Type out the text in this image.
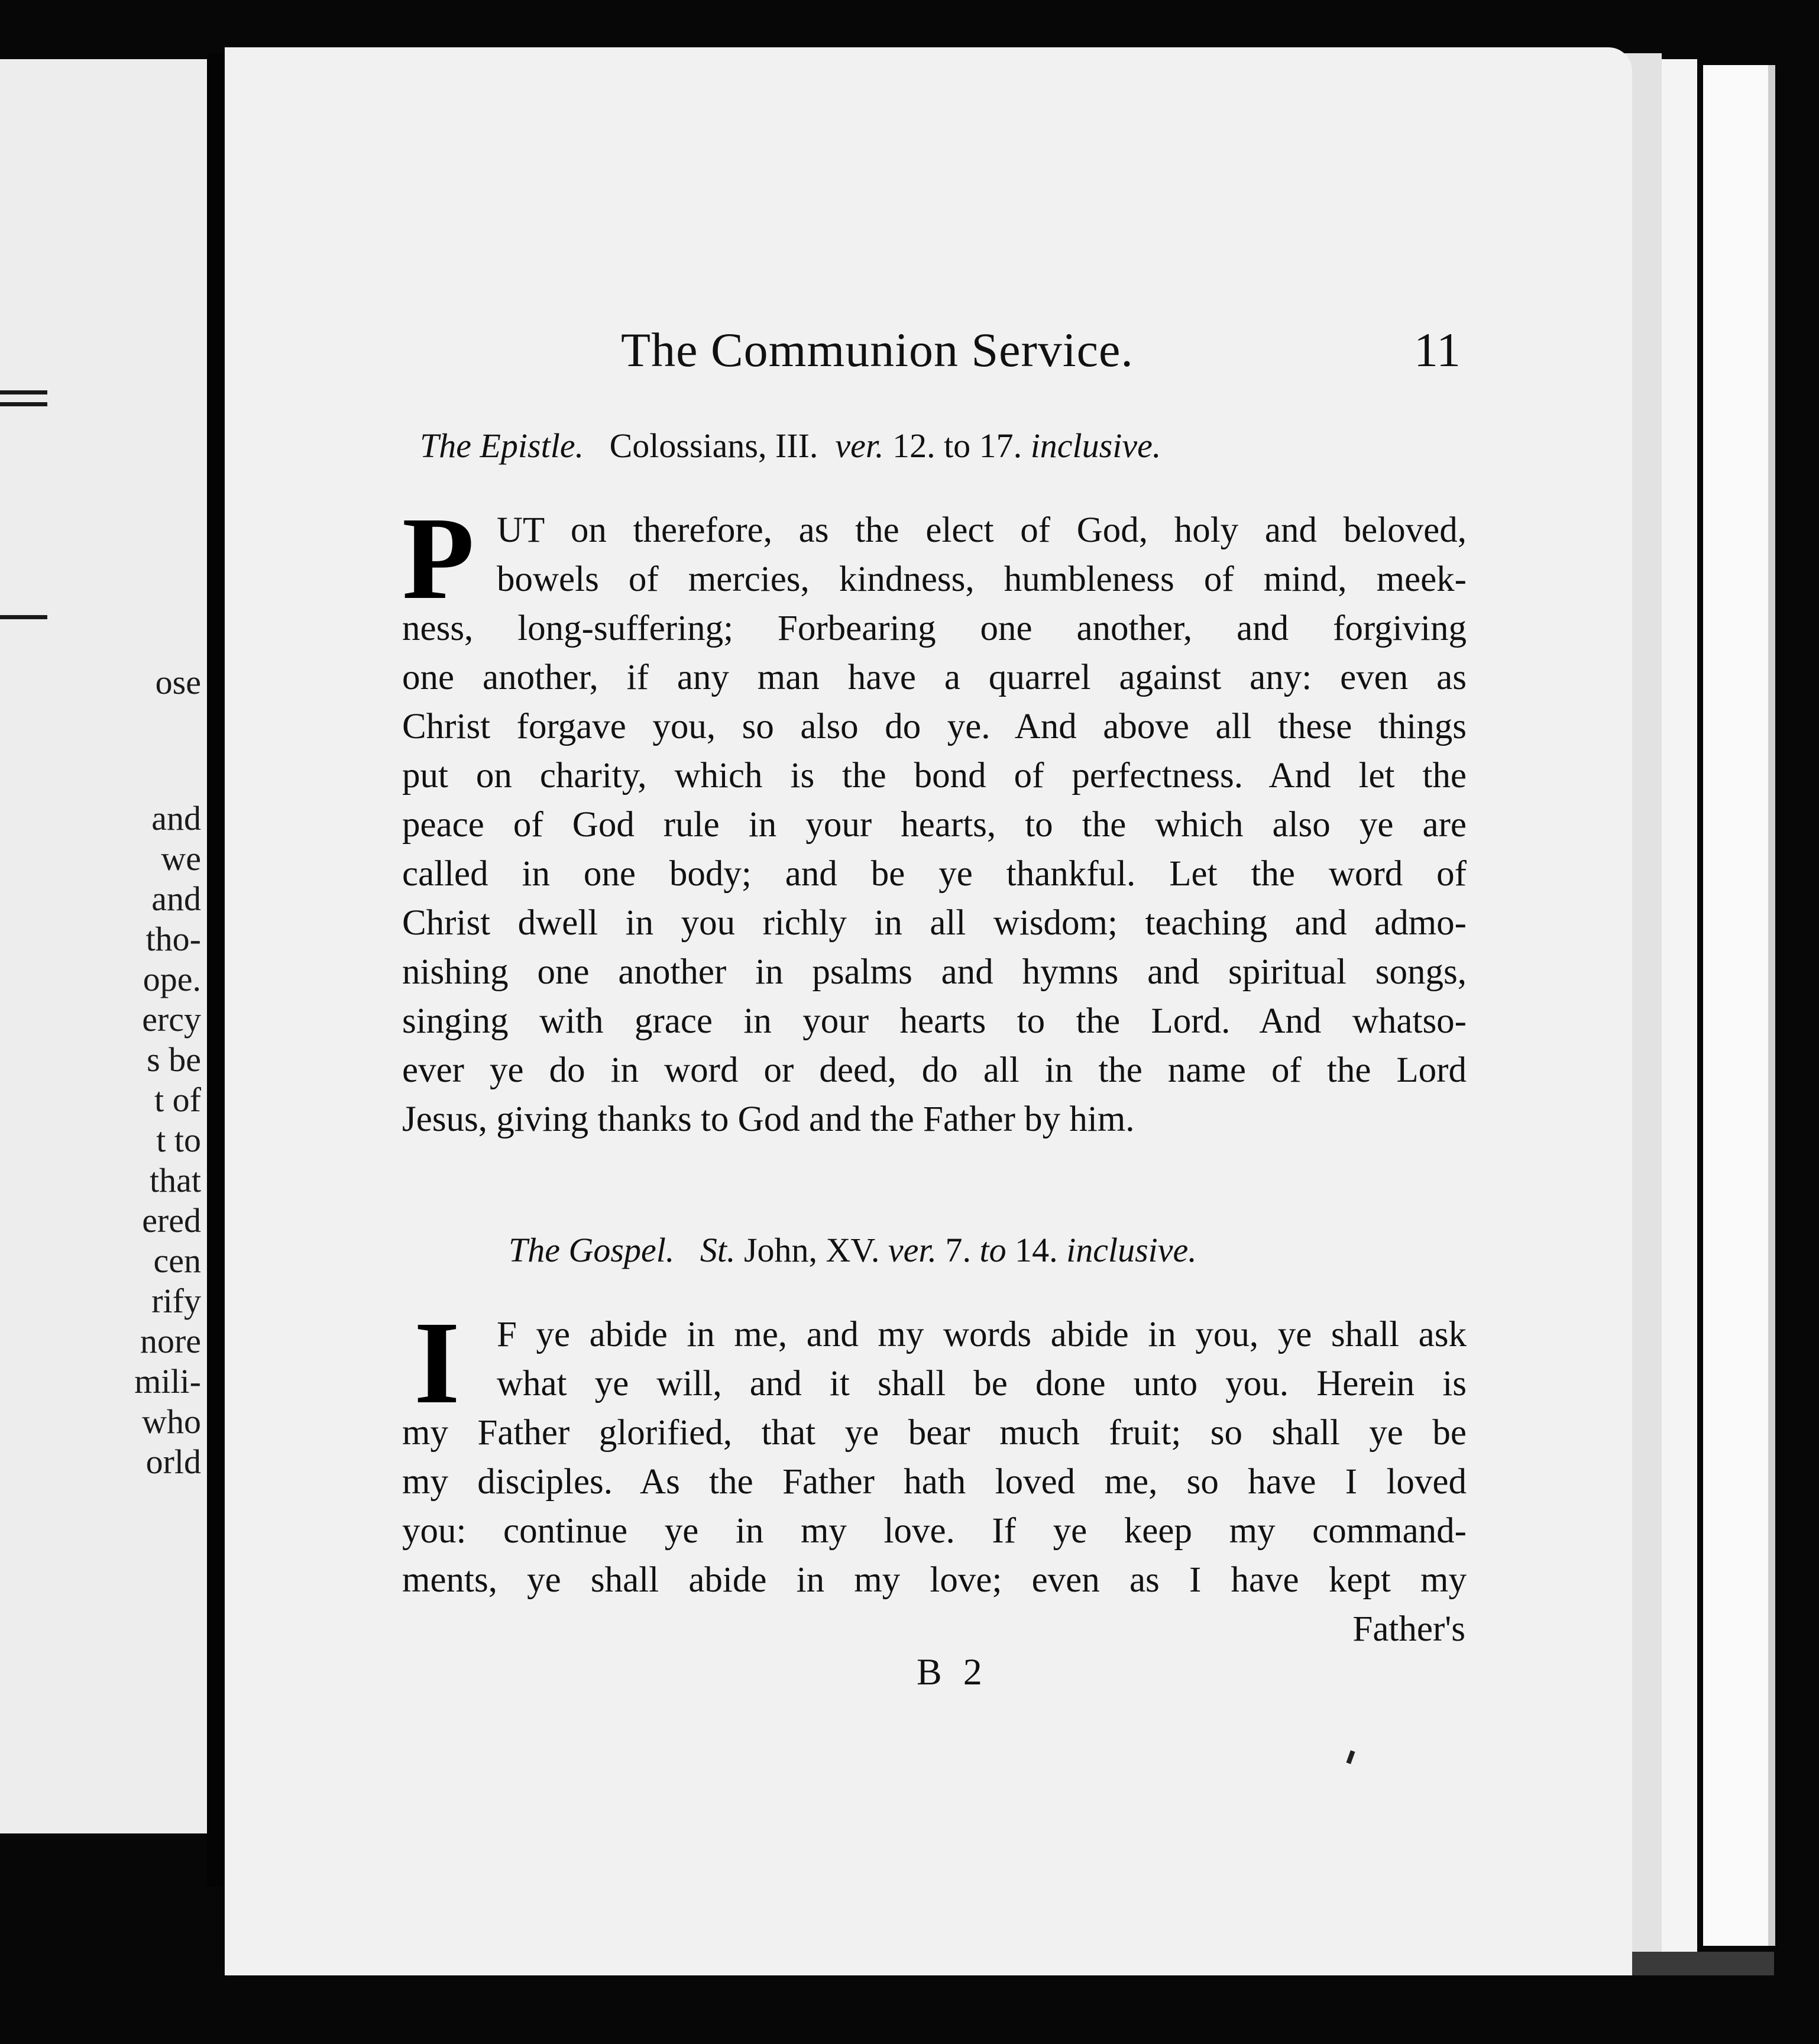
ose
and
we
and
tho-
ope.
ercy
s be
t of
t to
that
ered
cen
rify
nore
mili-
who
orld
The Communion Service.	11
The Epistle. Colossians, III. ver. 12. to 17. inclusive.
P UT on therefore, as the elect of God, holy and beloved,
bowels of mercies, kindness, humbleness of mind, meek-
ness, long-suffering; Forbearing one another, and forgiving
one another, if any man have a quarrel against any: even as
Christ forgave you, so also do ye. And above all these things
put on charity, which is the bond of perfectness. And let the
peace of God rule in your hearts, to the which also ye are
called in one body; and be ye thankful. Let the word of
Christ dwell in you richly in all wisdom; teaching and admo-
nishing one another in psalms and hymns and spiritual songs,
singing with grace in your hearts to the Lord. And whatso-
ever ye do in word or deed, do all in the name of the Lord
Jesus, giving thanks to God and the Father by him.
The Gospel. St. John, XV. ver. 7. to 14. inclusive.
I	F ye abide in me, and my words abide in you, ye shall ask
what ye will, and it shall be done unto you. Herein is
my Father glorified, that ye bear much fruit; so shall ye be
my disciples. As the Father hath loved me, so have I loved
you: continue ye in my love. If ye keep my command-
ments, ye shall abide in my love; even as I have kept my
Father's
B 2
